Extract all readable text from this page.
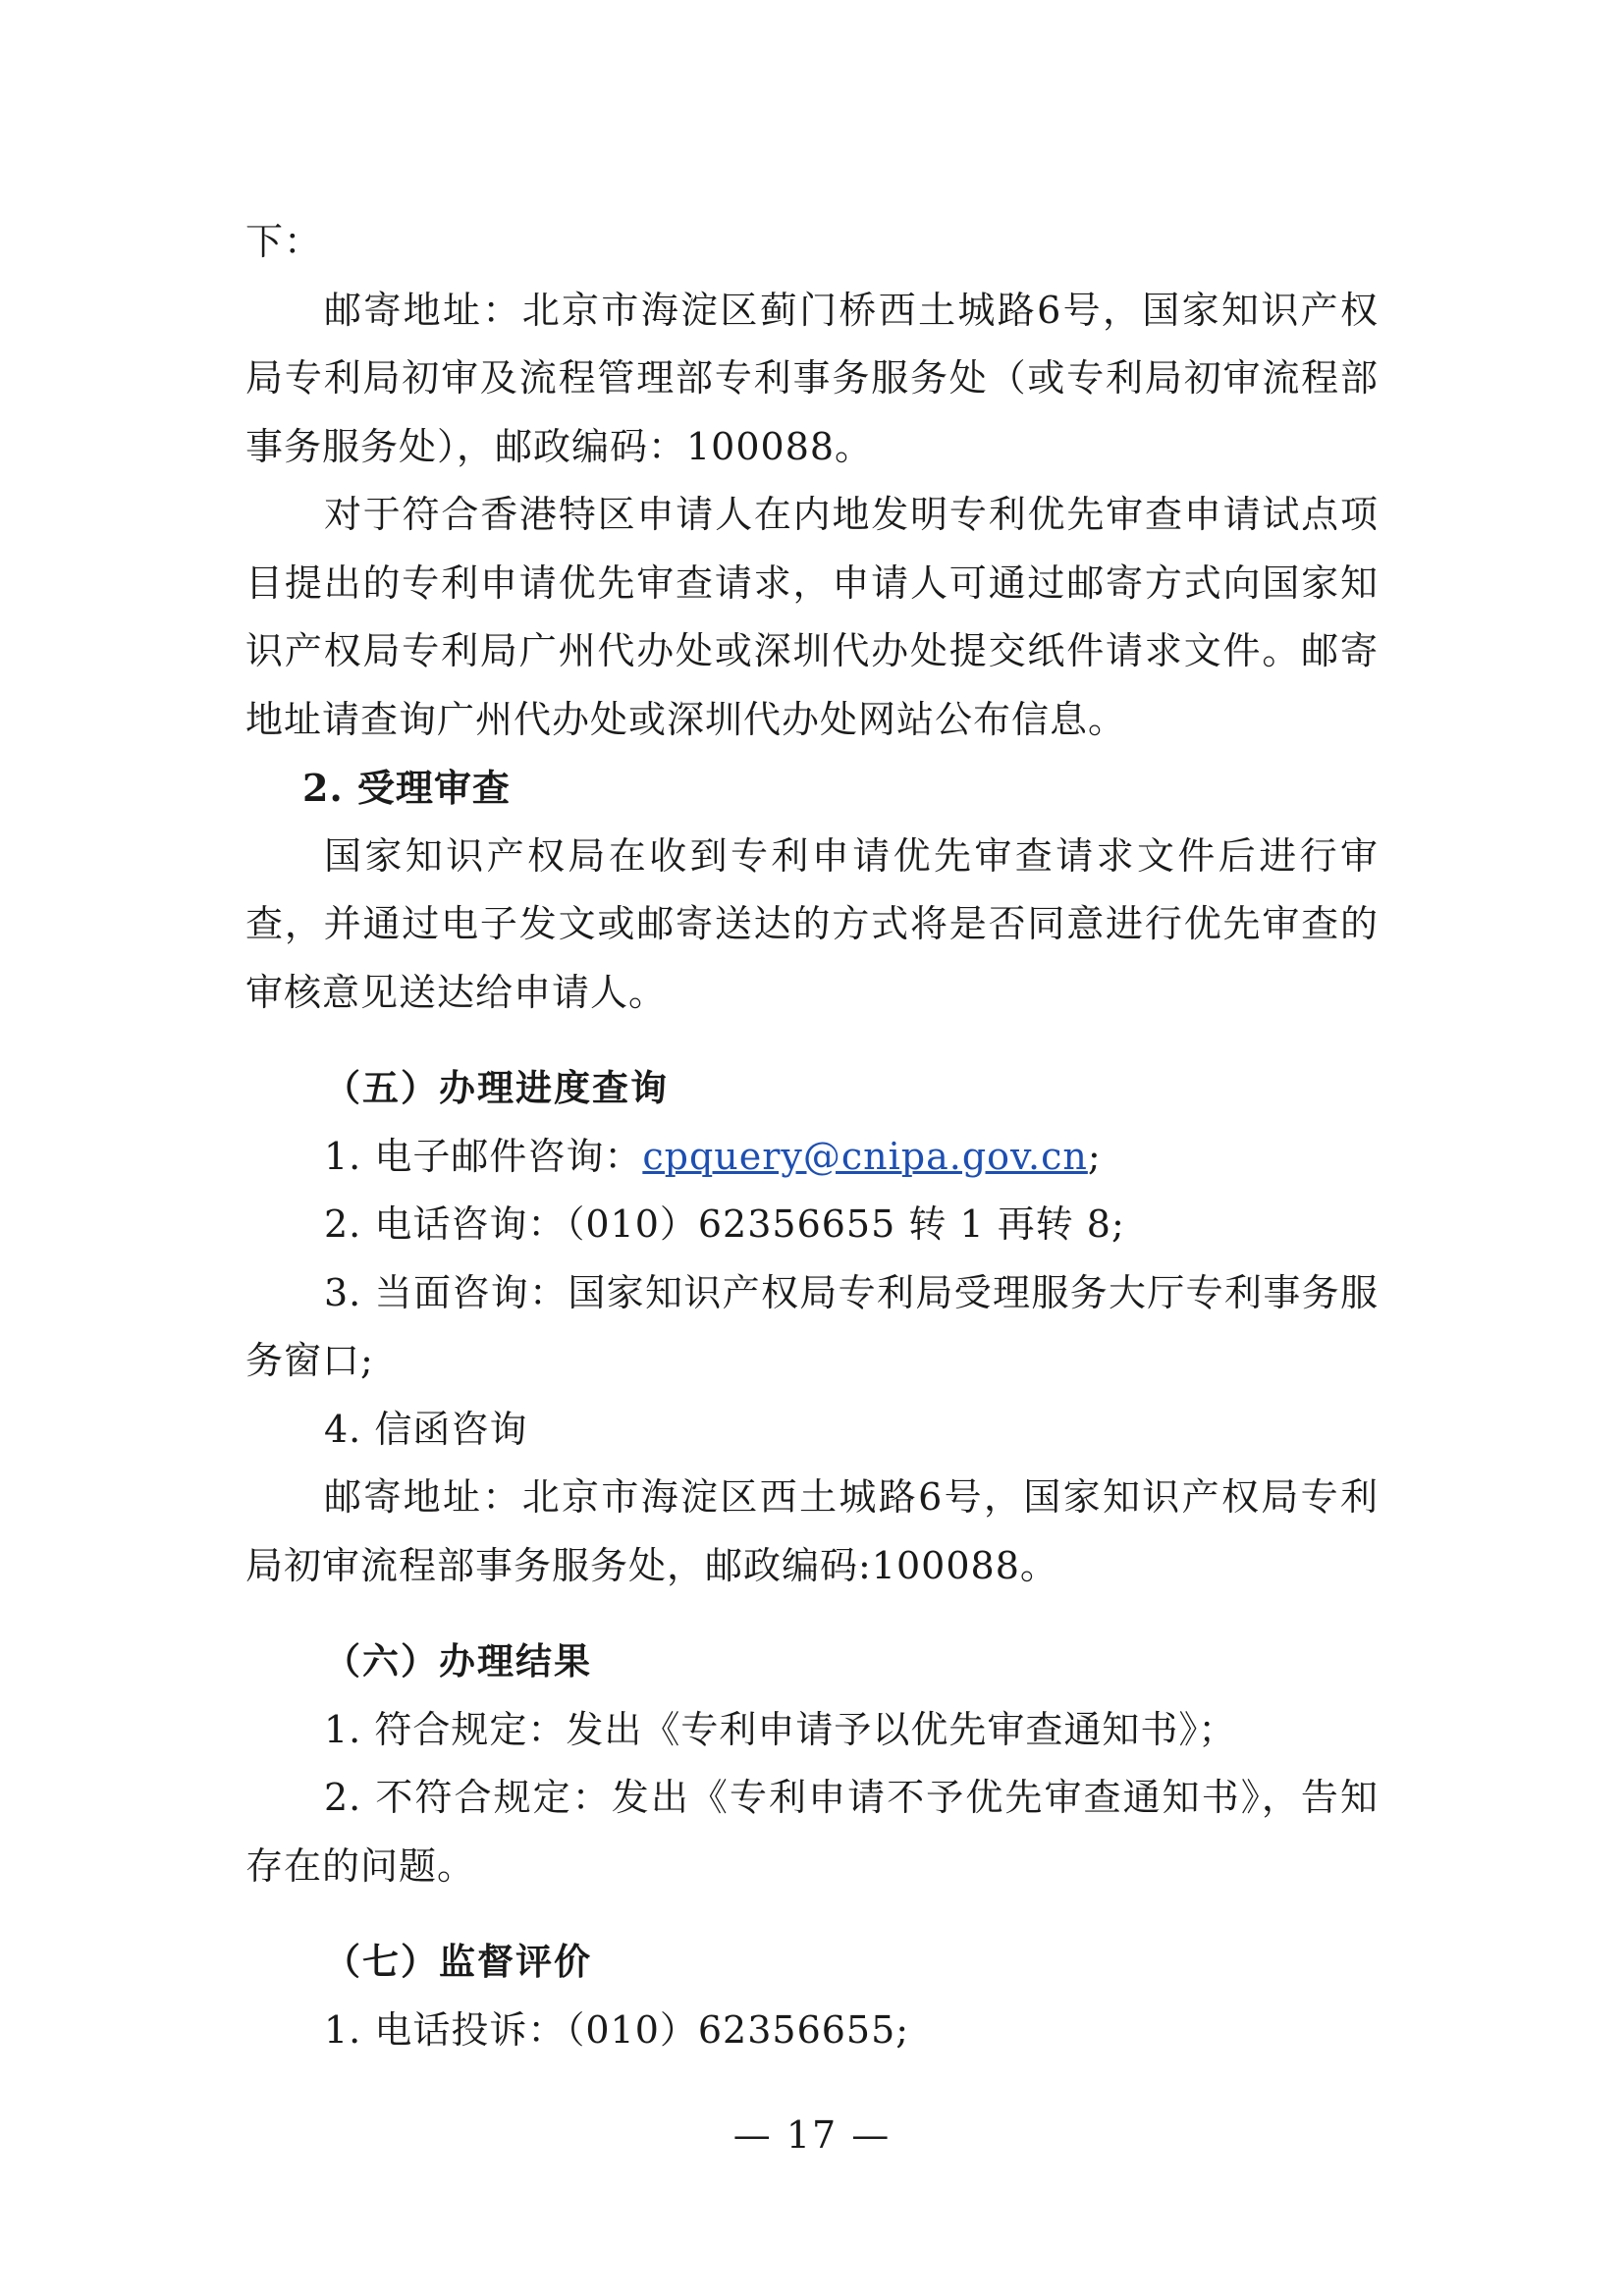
下：

邮寄地址：北京市海淀区蓟门桥西土城路6号，国家知识产权局专利局初审及流程管理部专利事务服务处（或专利局初审流程部事务服务处），邮政编码：100088。

对于符合香港特区申请人在内地发明专利优先审查申请试点项目提出的专利申请优先审查请求，申请人可通过邮寄方式向国家知识产权局专利局广州代办处或深圳代办处提交纸件请求文件。邮寄地址请查询广州代办处或深圳代办处网站公布信息。

2. 受理审查

国家知识产权局在收到专利申请优先审查请求文件后进行审查，并通过电子发文或邮寄送达的方式将是否同意进行优先审查的审核意见送达给申请人。

（五）办理进度查询

1. 电子邮件咨询：cpquery@cnipa.gov.cn;

2. 电话咨询：（010）62356655 转 1 再转 8;

3. 当面咨询：国家知识产权局专利局受理服务大厅专利事务服务窗口;

4. 信函咨询

邮寄地址：北京市海淀区西土城路6号，国家知识产权局专利局初审流程部事务服务处，邮政编码:100088。

（六）办理结果

1. 符合规定：发出《专利申请予以优先审查通知书》；

2. 不符合规定：发出《专利申请不予优先审查通知书》，告知存在的问题。

（七）监督评价

1. 电话投诉：（010）62356655;

— 17 —
